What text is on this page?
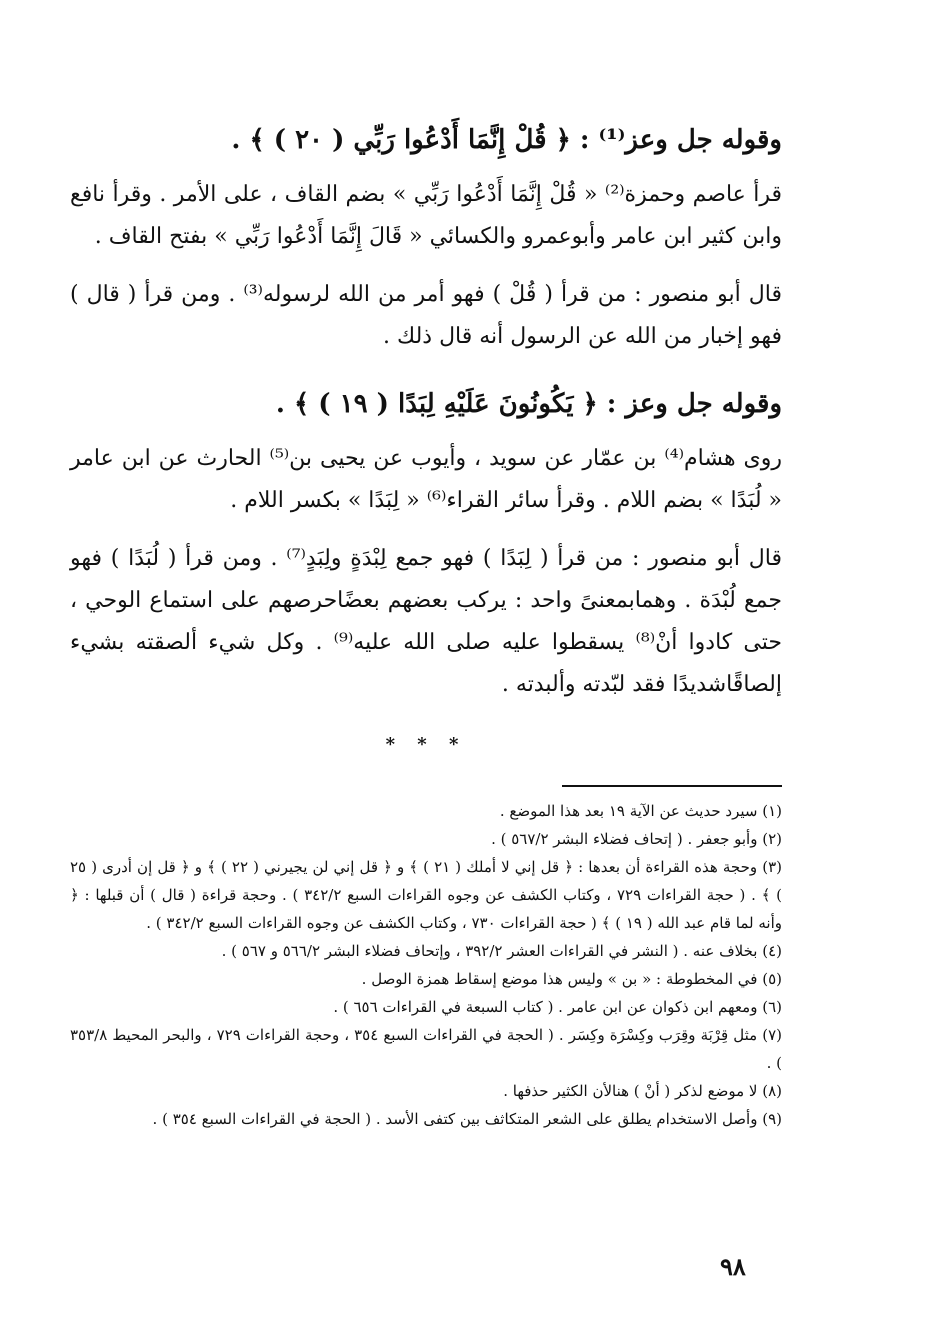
وقوله جل وعز⁽¹⁾ : ﴿ قُلْ إِنَّمَا أَدْعُوا رَبِّي ( ٢٠ ) ﴾ .

قرأ عاصم وحمزة⁽²⁾ « قُلْ إِنَّمَا أَدْعُوا رَبِّي » بضم القاف ، على الأمر . وقرأ نافع وابن كثير ابن عامر وأبوعمرو والكسائي « قَالَ إِنَّمَا أَدْعُوا رَبِّي » بفتح القاف .

قال أبو منصور : من قرأ ( قُلْ ) فهو أمر من الله لرسوله⁽³⁾ . ومن قرأ ( قال ) فهو إخبار من الله عن الرسول أنه قال ذلك .

وقوله جل وعز : ﴿ يَكُونُونَ عَلَيْهِ لِبَدًا ( ١٩ ) ﴾ .

روى هشام⁽⁴⁾ بن عمّار عن سويد ، وأيوب عن يحيى بن⁽⁵⁾ الحارث عن ابن عامر « لُبَدًا » بضم اللام . وقرأ سائر القراء⁽⁶⁾ « لِبَدًا » بكسر اللام .

قال أبو منصور : من قرأ ( لِبَدًا ) فهو جمع لِبْدَةٍ ولِبَدٍ⁽⁷⁾ . ومن قرأ ( لُبَدًا ) فهو جمع لُبْدَة . وهمابمعنىً واحد : يركب بعضهم بعضًاحرصهم على استماع الوحي ، حتى كادوا أنْ⁽⁸⁾ يسقطوا عليه صلى الله عليه⁽⁹⁾ . وكل شيء ألصقته بشيء إلصاقًاشديدًا فقد لبّدته وألبدته .

* * *

(١) سيرد حديث عن الآية ١٩ بعد هذا الموضع .

(٢) وأبو جعفر . ( إتحاف فضلاء البشر ٥٦٧/٢ ) .

(٣) وحجة هذه القراءة أن بعدها : ﴿ قل إني لا أملك ( ٢١ ) ﴾ و ﴿ قل إني لن يجيرني ( ٢٢ ) ﴾ و ﴿ قل إن أدرى ( ٢٥ ) ﴾ . ( حجة القراءات ٧٢٩ ، وكتاب الكشف عن وجوه القراءات السبع ٣٤٢/٢ ) . وحجة قراءة ( قال ) أن قبلها : ﴿ وأنه لما قام عبد الله ( ١٩ ) ﴾ ( حجة القراءات ٧٣٠ ، وكتاب الكشف عن وجوه القراءات السبع ٣٤٢/٢ ) .

(٤) بخلاف عنه . ( النشر في القراءات العشر ٣٩٢/٢ ، وإتحاف فضلاء البشر ٥٦٦/٢ و ٥٦٧ ) .

(٥) في المخطوطة : « بن » وليس هذا موضع إسقاط همزة الوصل .

(٦) ومعهم ابن ذكوان عن ابن عامر . ( كتاب السبعة في القراءات ٦٥٦ ) .

(٧) مثل قِرْبَة وقِرَب وكِسْرَة وكِسَر . ( الحجة في القراءات السبع ٣٥٤ ، وحجة القراءات ٧٢٩ ، والبحر المحيط ٣٥٣/٨ ) .

(٨) لا موضع لذكر ( أنْ ) هنالأن الكثير حذفها .

(٩) وأصل الاستخدام يطلق على الشعر المتكاثف بين كتفى الأسد . ( الحجة في القراءات السبع ٣٥٤ ) .

٩٨
